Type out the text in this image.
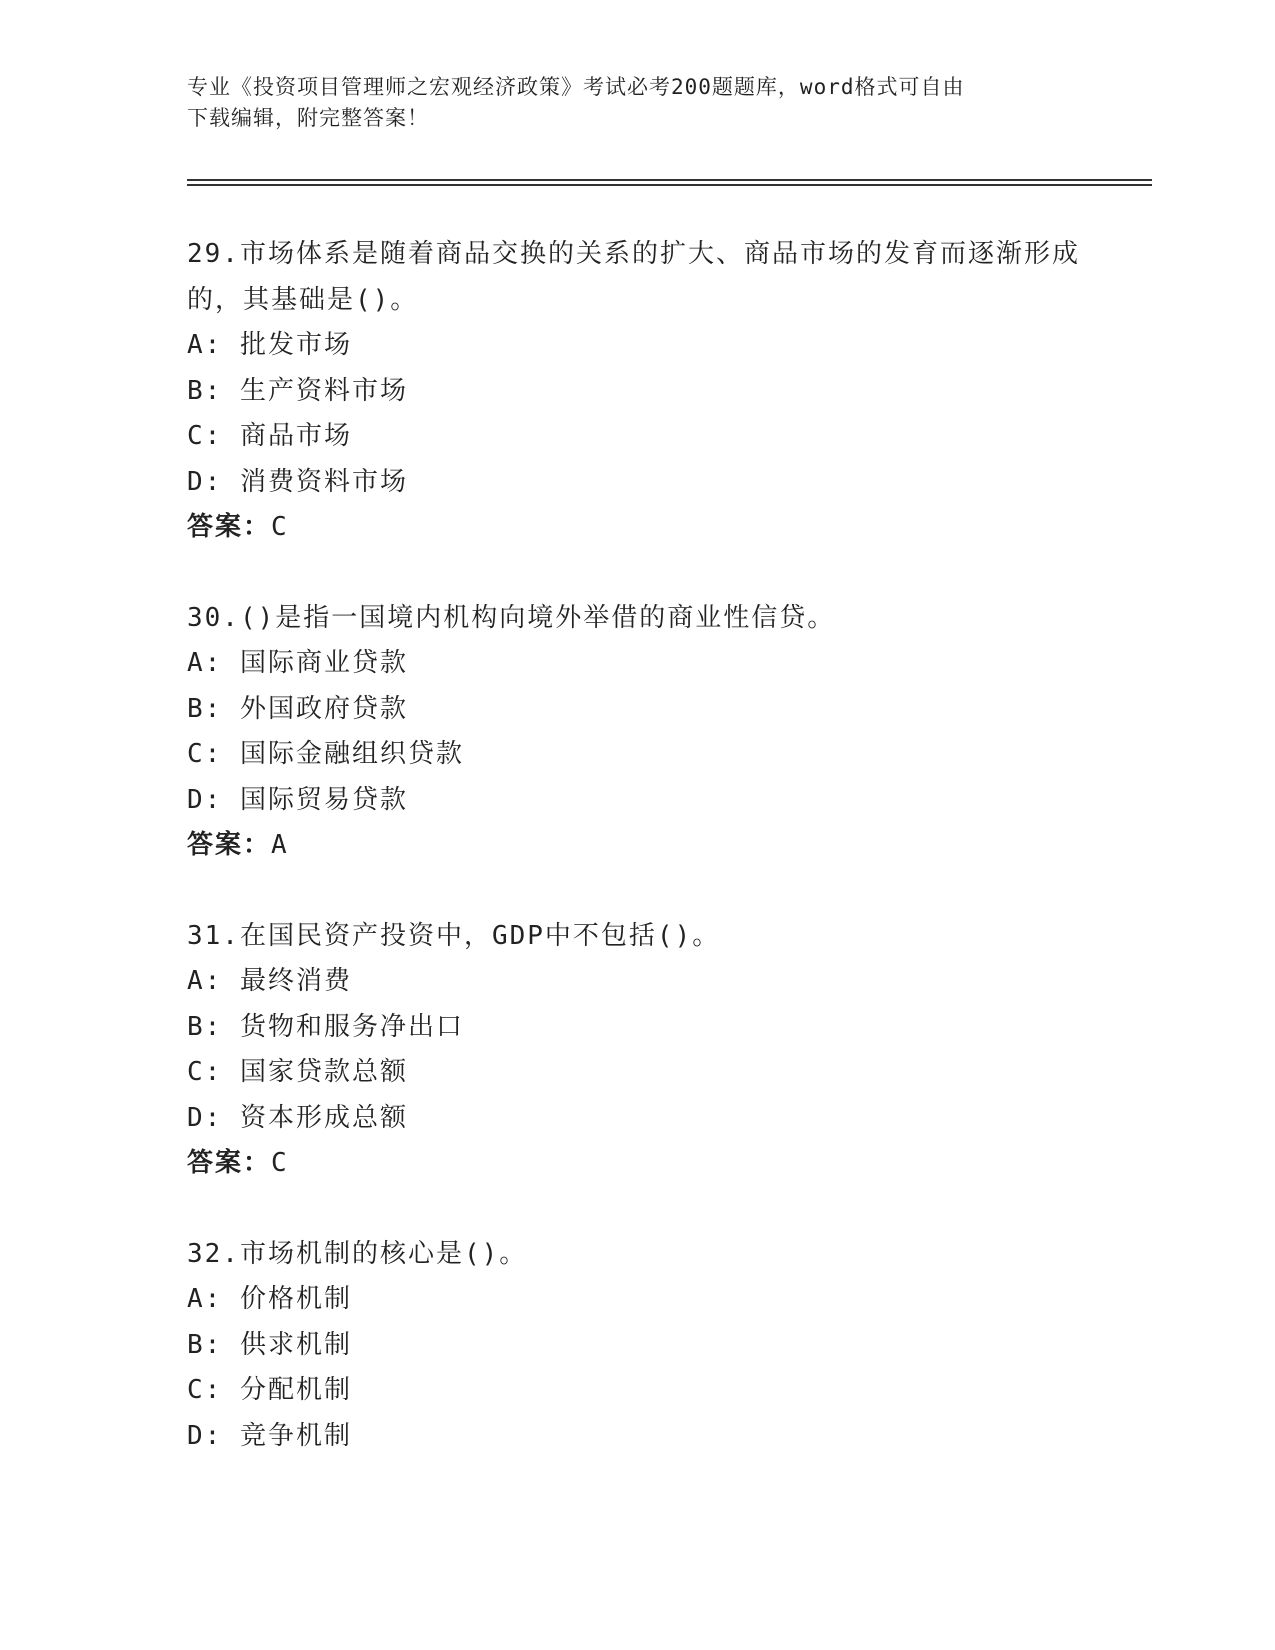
专业《投资项目管理师之宏观经济政策》考试必考200题题库，word格式可自由
下载编辑，附完整答案！
29.市场体系是随着商品交换的关系的扩大、商品市场的发育而逐渐形成的，其基础是()。
A: 批发市场
B: 生产资料市场
C: 商品市场
D: 消费资料市场
答案：C
30.()是指一国境内机构向境外举借的商业性信贷。
A: 国际商业贷款
B: 外国政府贷款
C: 国际金融组织贷款
D: 国际贸易贷款
答案：A
31.在国民资产投资中，GDP中不包括()。
A: 最终消费
B: 货物和服务净出口
C: 国家贷款总额
D: 资本形成总额
答案：C
32.市场机制的核心是()。
A: 价格机制
B: 供求机制
C: 分配机制
D: 竞争机制
